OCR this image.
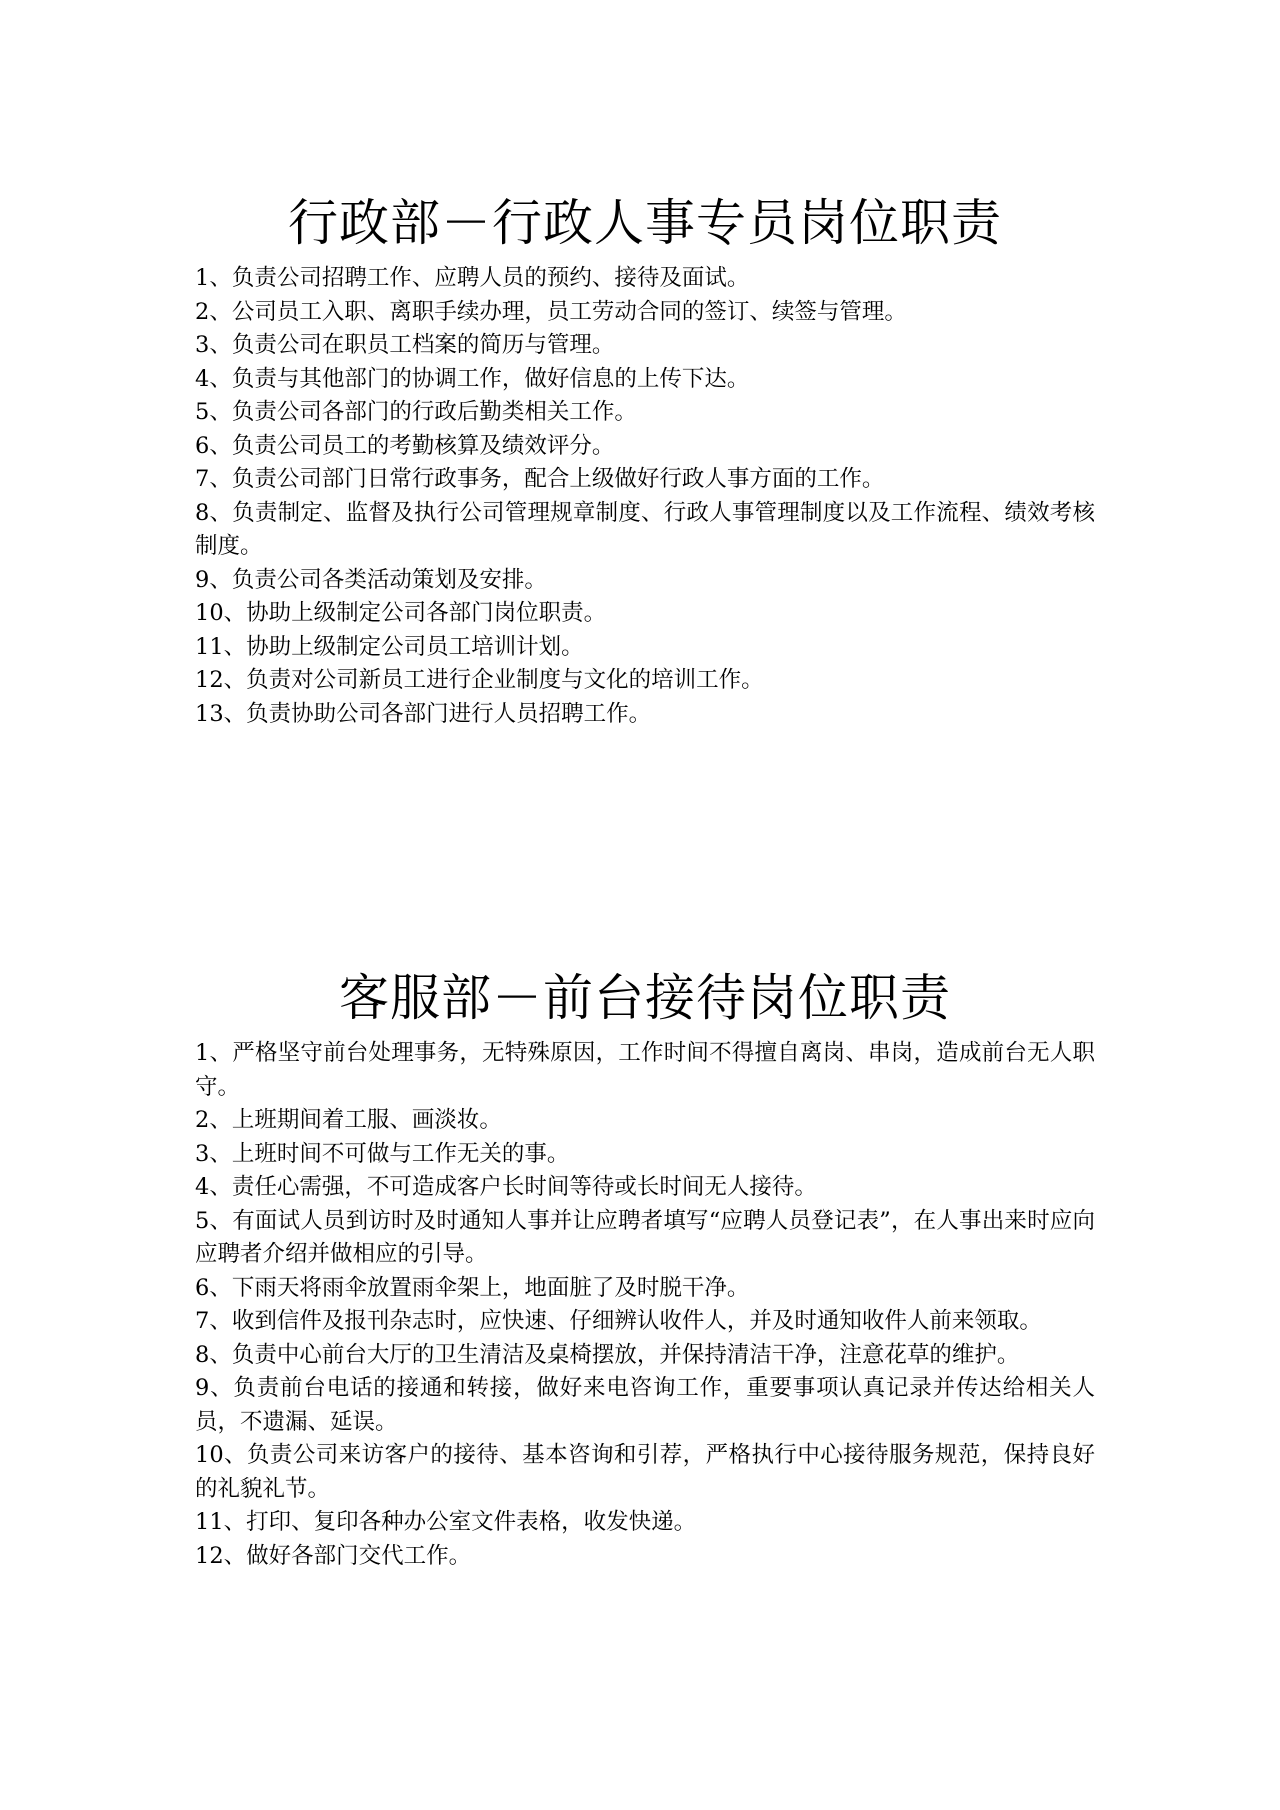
行政部－行政人事专员岗位职责
1、负责公司招聘工作、应聘人员的预约、接待及面试。
2、公司员工入职、离职手续办理，员工劳动合同的签订、续签与管理。
3、负责公司在职员工档案的简历与管理。
4、负责与其他部门的协调工作，做好信息的上传下达。
5、负责公司各部门的行政后勤类相关工作。
6、负责公司员工的考勤核算及绩效评分。
7、负责公司部门日常行政事务，配合上级做好行政人事方面的工作。
8、负责制定、监督及执行公司管理规章制度、行政人事管理制度以及工作流程、绩效考核制度。
9、负责公司各类活动策划及安排。
10、协助上级制定公司各部门岗位职责。
11、协助上级制定公司员工培训计划。
12、负责对公司新员工进行企业制度与文化的培训工作。
13、负责协助公司各部门进行人员招聘工作。
客服部－前台接待岗位职责
1、严格坚守前台处理事务，无特殊原因，工作时间不得擅自离岗、串岗，造成前台无人职守。
2、上班期间着工服、画淡妆。
3、上班时间不可做与工作无关的事。
4、责任心需强，不可造成客户长时间等待或长时间无人接待。
5、有面试人员到访时及时通知人事并让应聘者填写“应聘人员登记表”，在人事出来时应向应聘者介绍并做相应的引导。
6、下雨天将雨伞放置雨伞架上，地面脏了及时脱干净。
7、收到信件及报刊杂志时，应快速、仔细辨认收件人，并及时通知收件人前来领取。
8、负责中心前台大厅的卫生清洁及桌椅摆放，并保持清洁干净，注意花草的维护。
9、负责前台电话的接通和转接，做好来电咨询工作，重要事项认真记录并传达给相关人员，不遗漏、延误。
10、负责公司来访客户的接待、基本咨询和引荐，严格执行中心接待服务规范，保持良好的礼貌礼节。
11、打印、复印各种办公室文件表格，收发快递。
12、做好各部门交代工作。
